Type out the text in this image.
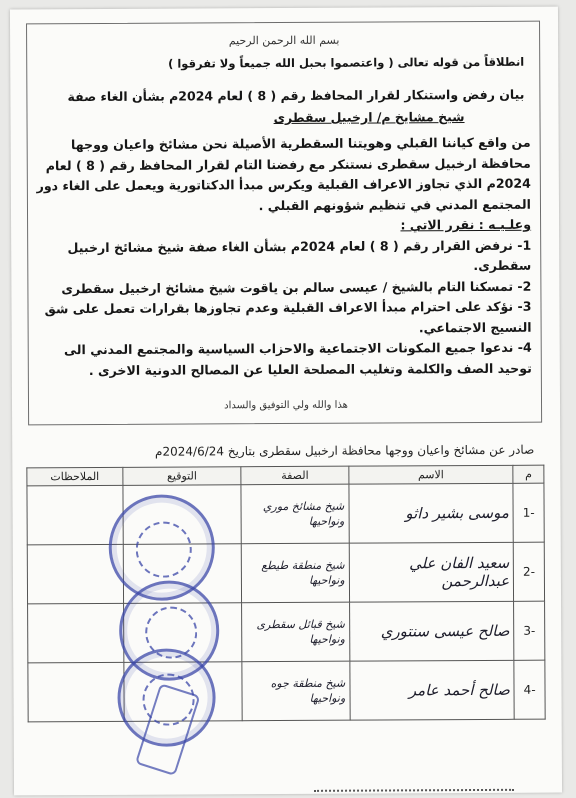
بسم الله الرحمن الرحيم
انطلاقاً من قوله تعالى ( واعتصموا بحبل الله جميعاً ولا تفرقوا )
بيان رفض واستنكار لقرار المحافظ رقم ( 8 ) لعام 2024م بشأن الغاء صفة
شيخ مشايخ م/ ارخبيل سقطرى

من واقع كياننا القبلي وهويتنا السقطرية الأصيلة نحن مشائخ واعيان ووجها محافظة ارخبيل سقطرى نستنكر مع رفضنا التام لقرار المحافظ رقم ( 8 ) لعام 2024م الذي تجاوز الاعراف القبلية ويكرس مبدأ الدكتاتورية ويعمل على الغاء دور المجتمع المدني في تنظيم شؤونهم القبلي .

وعلـيـه : نقرر الاتي :

1- نرفض القرار رقم ( 8 ) لعام 2024م بشأن الغاء صفة شيخ مشائخ ارخبيل سقطرى.

2- تمسكنا التام بالشيخ / عيسى سالم بن ياقوت شيخ مشائخ ارخبيل سقطرى

3- نؤكد على احترام مبدأ الاعراف القبلية وعدم تجاوزها بقرارات تعمل على شق النسيج الاجتماعي.

4- ندعوا جميع المكونات الاجتماعية والاحزاب السياسية والمجتمع المدني الى توحيد الصف والكلمة وتغليب المصلحة العليا عن المصالح الدونية الاخرى .

هذا والله ولي التوفيق والسداد
صادر عن مشائخ واعيان ووجها محافظة ارخبيل سقطرى بتاريخ 2024/6/24م
م	الاسم	الصفة	التوقيع	الملاحظات
-1	موسى بشير داثو	شيخ مشائخ موري ونواحيها		
-2	سعيد الفان علي عبدالرحمن	شيخ منطقة طيطع ونواحيها		
-3	صالح عيسى سنتوري	شيخ قبائل سقطرى ونواحيها		
-4	صالح أحمد عامر	شيخ منطقة جوه ونواحيها		
